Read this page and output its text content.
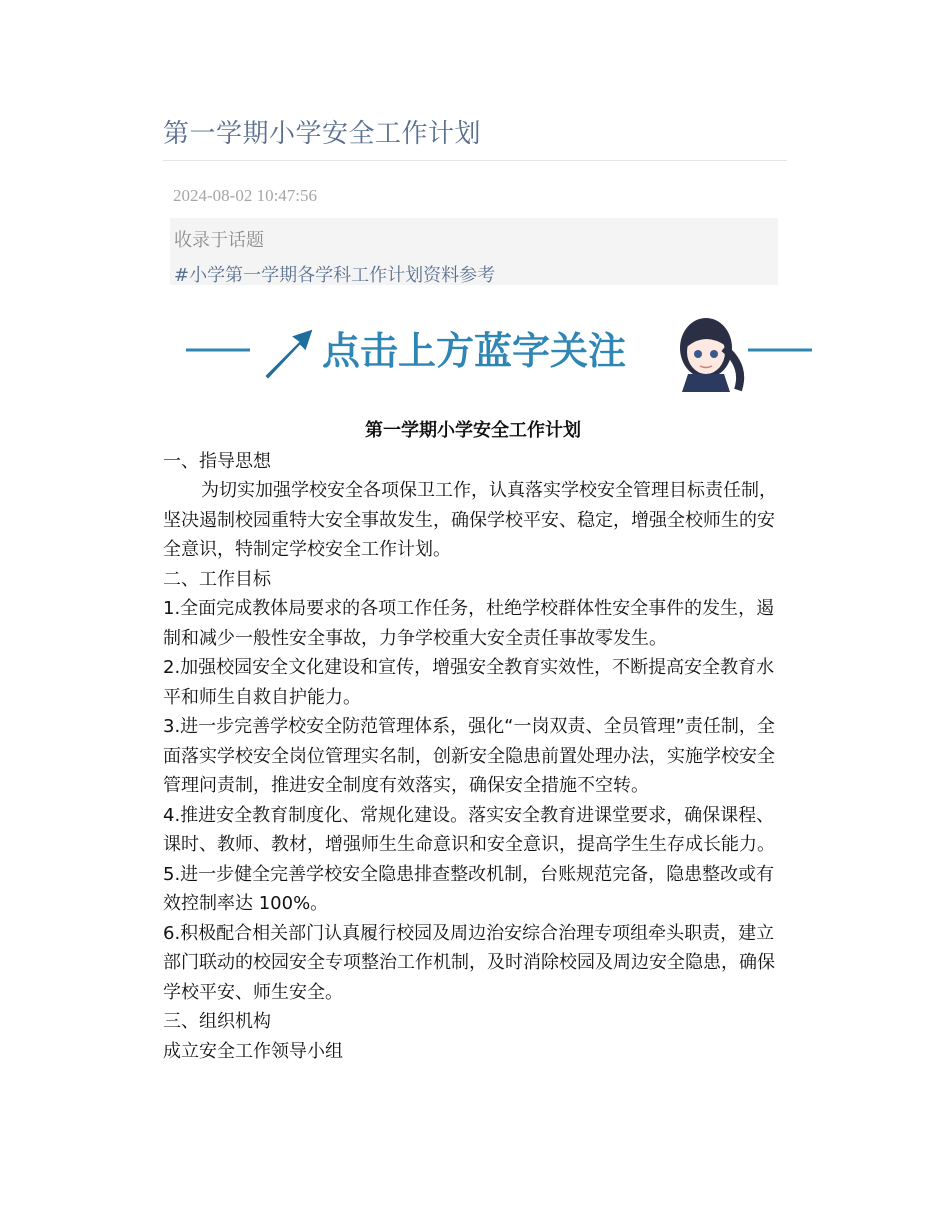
第一学期小学安全工作计划
2024-08-02 10:47:56
收录于话题
#小学第一学期各学科工作计划资料参考
点击上方蓝字关注

第一学期小学安全工作计划

一、指导思想

为切实加强学校安全各项保卫工作，认真落实学校安全管理目标责任制，坚决遏制校园重特大安全事故发生，确保学校平安、稳定，增强全校师生的安全意识，特制定学校安全工作计划。

二、工作目标

1.全面完成教体局要求的各项工作任务，杜绝学校群体性安全事件的发生，遏制和减少一般性安全事故，力争学校重大安全责任事故零发生。

2.加强校园安全文化建设和宣传，增强安全教育实效性，不断提高安全教育水平和师生自救自护能力。

3.进一步完善学校安全防范管理体系，强化“一岗双责、全员管理”责任制，全面落实学校安全岗位管理实名制，创新安全隐患前置处理办法，实施学校安全管理问责制，推进安全制度有效落实，确保安全措施不空转。

4.推进安全教育制度化、常规化建设。落实安全教育进课堂要求，确保课程、课时、教师、教材，增强师生生命意识和安全意识，提高学生生存成长能力。

5.进一步健全完善学校安全隐患排查整改机制，台账规范完备，隐患整改或有效控制率达 100%。

6.积极配合相关部门认真履行校园及周边治安综合治理专项组牵头职责，建立部门联动的校园安全专项整治工作机制，及时消除校园及周边安全隐患，确保学校平安、师生安全。

三、组织机构

成立安全工作领导小组
